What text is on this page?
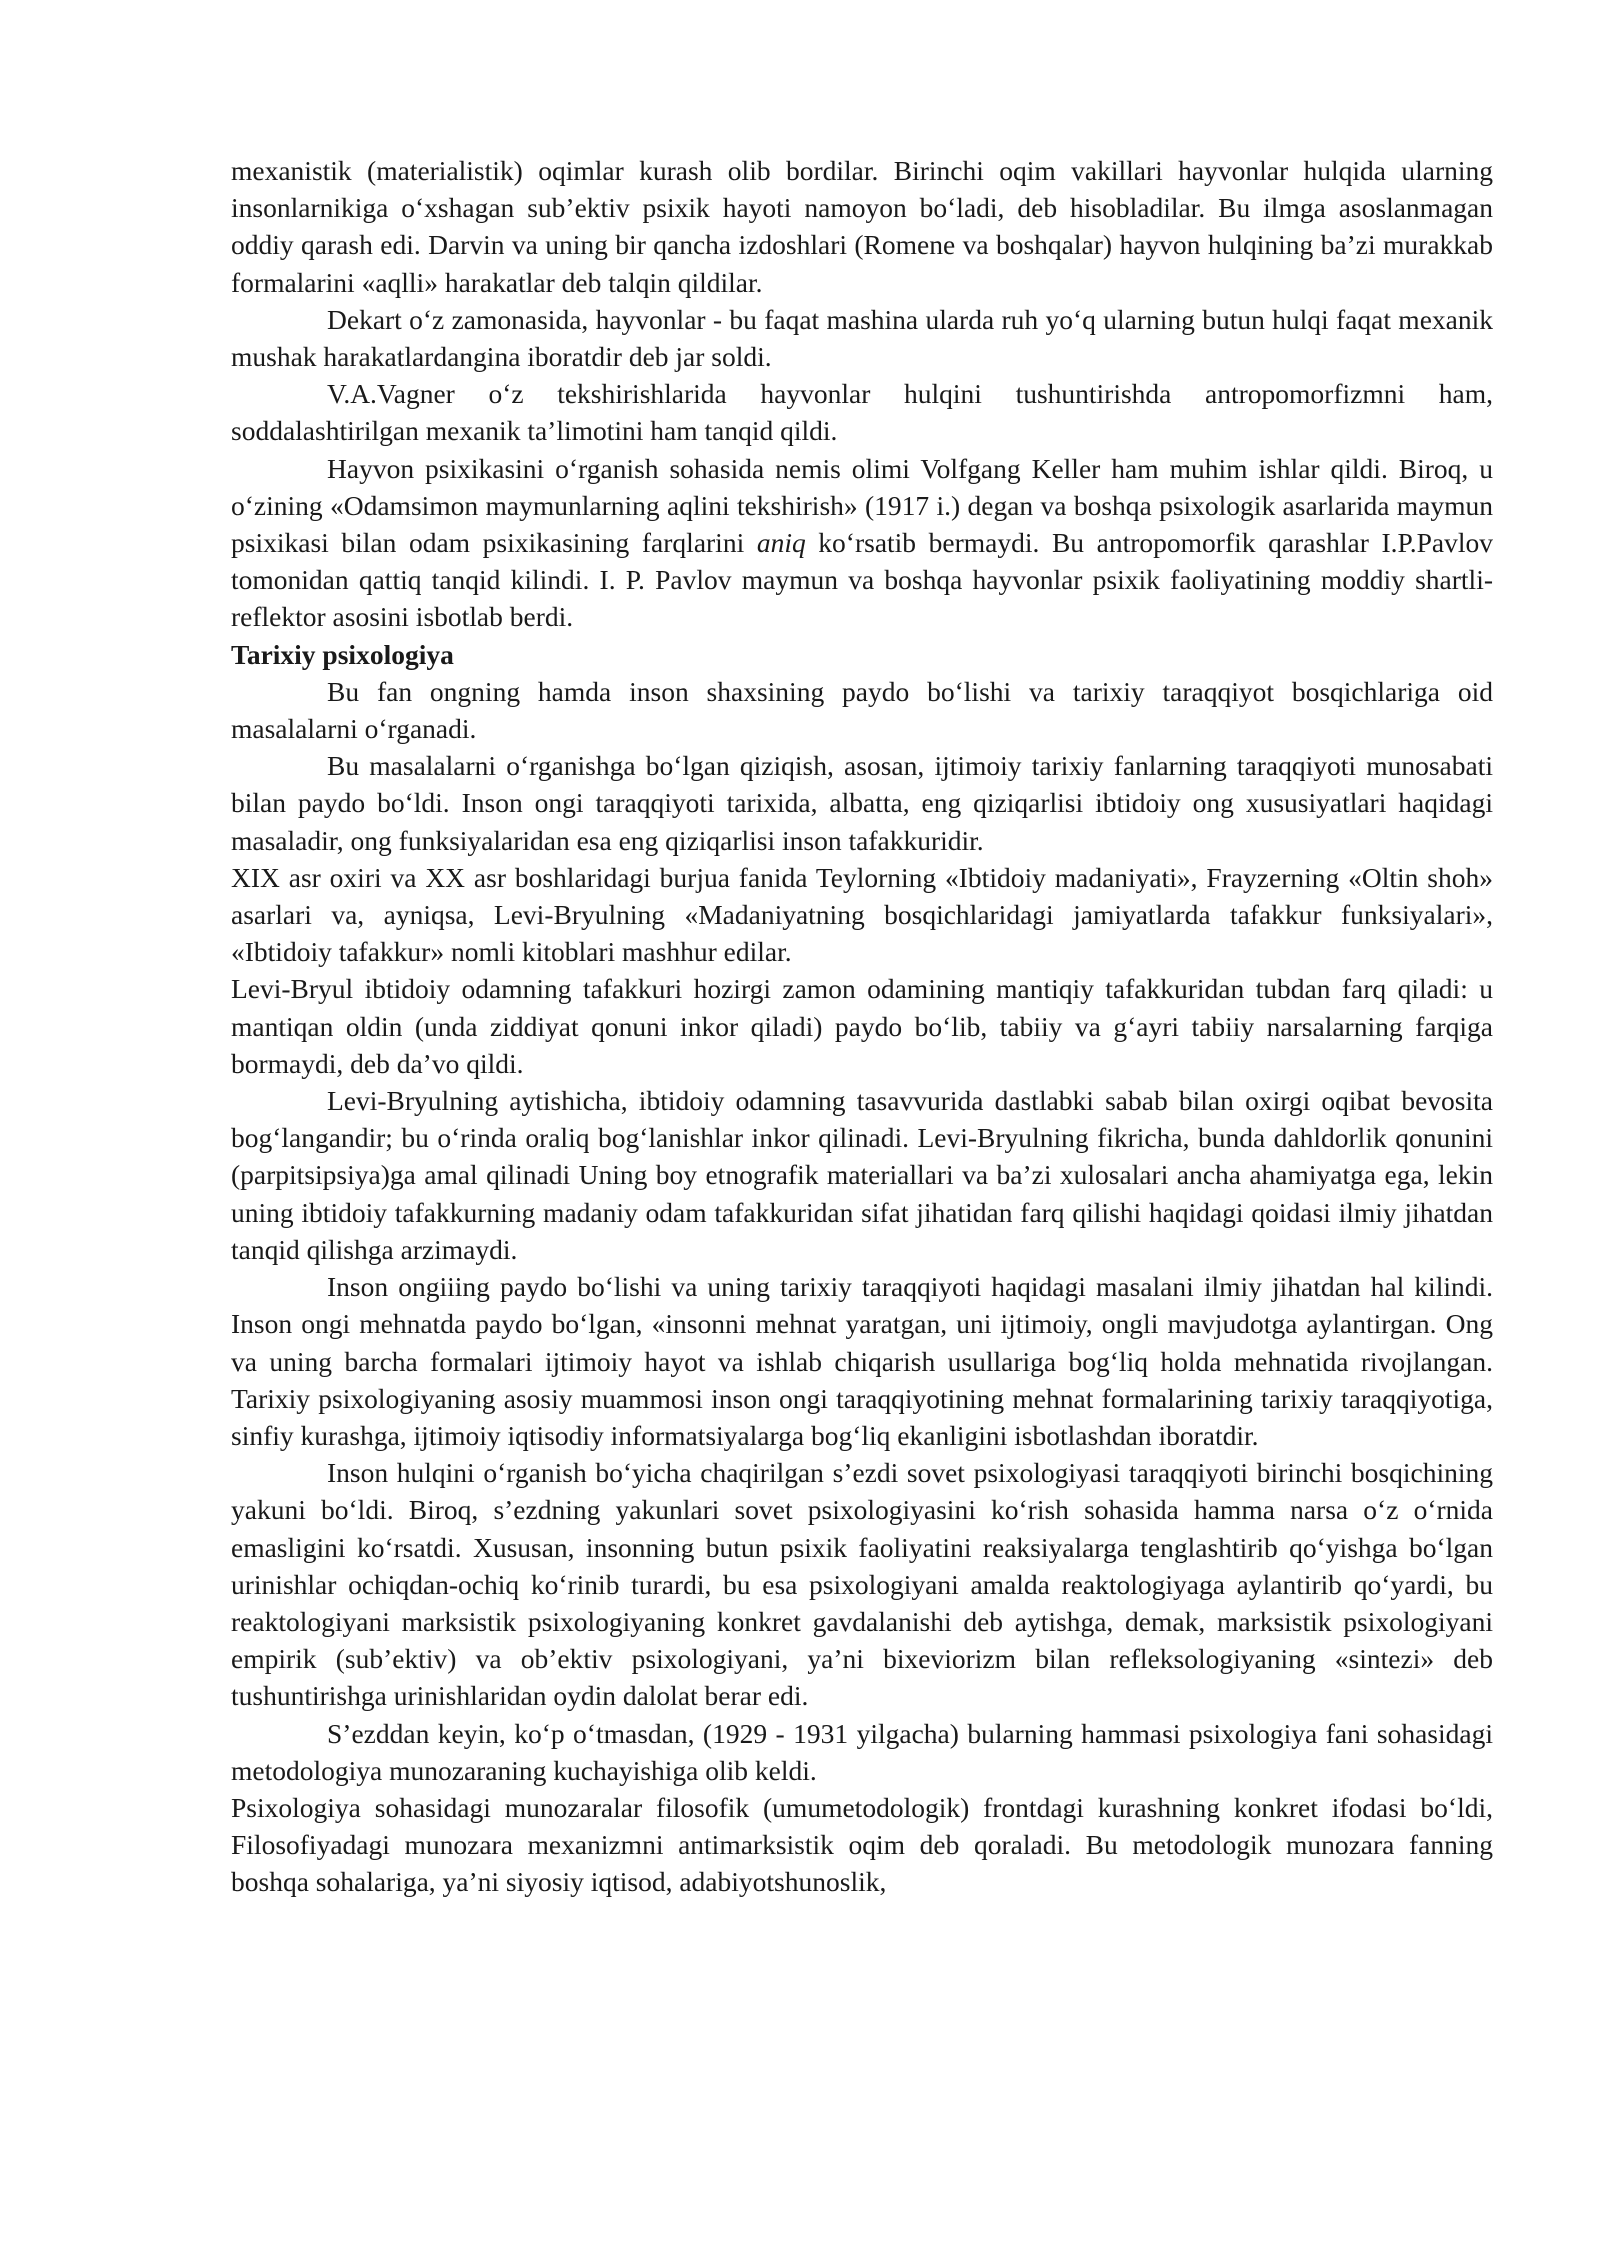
mexanistik (materialistik) oqimlar kurash olib bordilar. Birinchi oqim vakillari hayvonlar hulqida ularning insonlarnikiga o‘xshagan sub’ektiv psixik hayoti namoyon bo‘ladi, deb hisobladilar. Bu ilmga asoslanmagan oddiy qarash edi. Darvin va uning bir qancha izdoshlari (Romene va boshqalar) hayvon hulqining ba’zi murakkab formalarini «aqlli» harakatlar deb talqin qildilar.

Dekart o‘z zamonasida, hayvonlar - bu faqat mashina ularda ruh yo‘q ularning butun hulqi faqat mexanik mushak harakatlardangina iboratdir deb jar soldi.

V.A.Vagner o‘z tekshirishlarida hayvonlar hulqini tushuntirishda antropomorfizmni ham, soddalashtirilgan mexanik ta’limotini ham tanqid qildi.

Hayvon psixikasini o‘rganish sohasida nemis olimi Volfgang Keller ham muhim ishlar qildi. Biroq, u o‘zining «Odamsimon maymunlarning aqlini tekshirish» (1917 i.) degan va boshqa psixologik asarlarida maymun psixikasi bilan odam psixikasining farqlarini aniq ko‘rsatib bermaydi. Bu antropomorfik qarashlar I.P.Pavlov tomonidan qattiq tanqid kilindi. I. P. Pavlov maymun va boshqa hayvonlar psixik faoliyatining moddiy shartli-reflektor asosini isbotlab berdi.

Tarixiy psixologiya

Bu fan ongning hamda inson shaxsining paydo bo‘lishi va tarixiy taraqqiyot bosqichlariga oid masalalarni o‘rganadi.

Bu masalalarni o‘rganishga bo‘lgan qiziqish, asosan, ijtimoiy tarixiy fanlarning taraqqiyoti munosabati bilan paydo bo‘ldi. Inson ongi taraqqiyoti tarixida, albatta, eng qiziqarlisi ibtidoiy ong xususiyatlari haqidagi masaladir, ong funksiyalaridan esa eng qiziqarlisi inson tafakkuridir.

XIX asr oxiri va XX asr boshlaridagi burjua fanida Teylorning «Ibtidoiy madaniyati», Frayzerning «Oltin shoh» asarlari va, ayniqsa, Levi-Bryulning «Madaniyatning bosqichlaridagi jamiyatlarda tafakkur funksiyalari», «Ibtidoiy tafakkur» nomli kitoblari mashhur edilar.

Levi-Bryul ibtidoiy odamning tafakkuri hozirgi zamon odamining mantiqiy tafakkuridan tubdan farq qiladi: u mantiqan oldin (unda ziddiyat qonuni inkor qiladi) paydo bo‘lib, tabiiy va g‘ayri tabiiy narsalarning farqiga bormaydi, deb da’vo qildi.

Levi-Bryulning aytishicha, ibtidoiy odamning tasavvurida dastlabki sabab bilan oxirgi oqibat bevosita bog‘langandir; bu o‘rinda oraliq bog‘lanishlar inkor qilinadi. Levi-Bryulning fikricha, bunda dahldorlik qonunini (parpitsipsiya)ga amal qilinadi Uning boy etnografik materiallari va ba’zi xulosalari ancha ahamiyatga ega, lekin uning ibtidoiy tafakkurning madaniy odam tafakkuridan sifat jihatidan farq qilishi haqidagi qoidasi ilmiy jihatdan tanqid qilishga arzimaydi.

Inson ongiiing paydo bo‘lishi va uning tarixiy taraqqiyoti haqidagi masalani ilmiy jihatdan hal kilindi. Inson ongi mehnatda paydo bo‘lgan, «insonni mehnat yaratgan, uni ijtimoiy, ongli mavjudotga aylantirgan. Ong va uning barcha formalari ijtimoiy hayot va ishlab chiqarish usullariga bog‘liq holda mehnatida rivojlangan. Tarixiy psixologiyaning asosiy muammosi inson ongi taraqqiyotining mehnat formalarining tarixiy taraqqiyotiga, sinfiy kurashga, ijtimoiy iqtisodiy informatsiyalarga bog‘liq ekanligini isbotlashdan iboratdir.

Inson hulqini o‘rganish bo‘yicha chaqirilgan s’ezdi sovet psixologiyasi taraqqiyoti birinchi bosqichining yakuni bo‘ldi. Biroq, s’ezdning yakunlari sovet psixologiyasini ko‘rish sohasida hamma narsa o‘z o‘rnida emasligini ko‘rsatdi. Xususan, insonning butun psixik faoliyatini reaksiyalarga tenglashtirib qo‘yishga bo‘lgan urinishlar ochiqdan-ochiq ko‘rinib turardi, bu esa psixologiyani amalda reaktologiyaga aylantirib qo‘yardi, bu reaktologiyani marksistik psixologiyaning konkret gavdalanishi deb aytishga, demak, marksistik psixologiyani empirik (sub’ektiv) va ob’ektiv psixologiyani, ya’ni bixeviorizm bilan refleksologiyaning «sintezi» deb tushuntirishga urinishlaridan oydin dalolat berar edi.

S’ezddan keyin, ko‘p o‘tmasdan, (1929 - 1931 yilgacha) bularning hammasi psixologiya fani sohasidagi metodologiya munozaraning kuchayishiga olib keldi.

Psixologiya sohasidagi munozaralar filosofik (umumetodologik) frontdagi kurashning konkret ifodasi bo‘ldi, Filosofiyadagi munozara mexanizmni antimarksistik oqim deb qoraladi. Bu metodologik munozara fanning boshqa sohalariga, ya’ni siyosiy iqtisod, adabiyotshunoslik,
